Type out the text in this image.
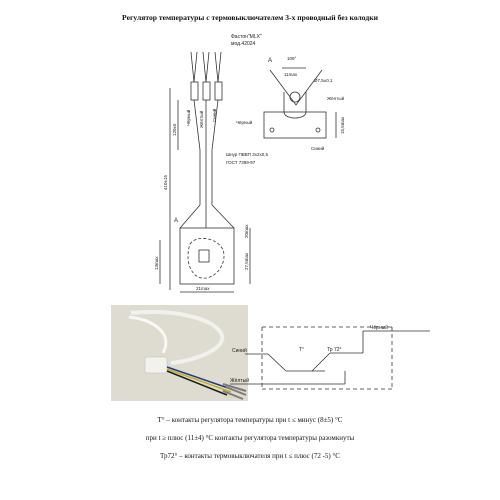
Регулятор температуры с термовыключателем 3-х проводный без колодки
Фастон"MLX"
мод.42024
Чёрный Жёлтый Синий
120±5
410±15
Шнур ПВВП 3х2х0,5
ГОСТ 7399-97
20max
13max	27,5max
21max
A
A	109°
11max
Ø7,5±0,1
15,5max
Жёлтый
Чёрный
Синий
Чёрный
Синий
Жёлтый
T°	Тр 72°
T° – контакты регулятора температуры при t ≤ минус (8±5) °С
при t ≥ плюс (11±4) °С контакты регулятора температуры разомкнуты
Тр72° – контакты термовыключателя при t ≤ плюс (72 -5) °С
